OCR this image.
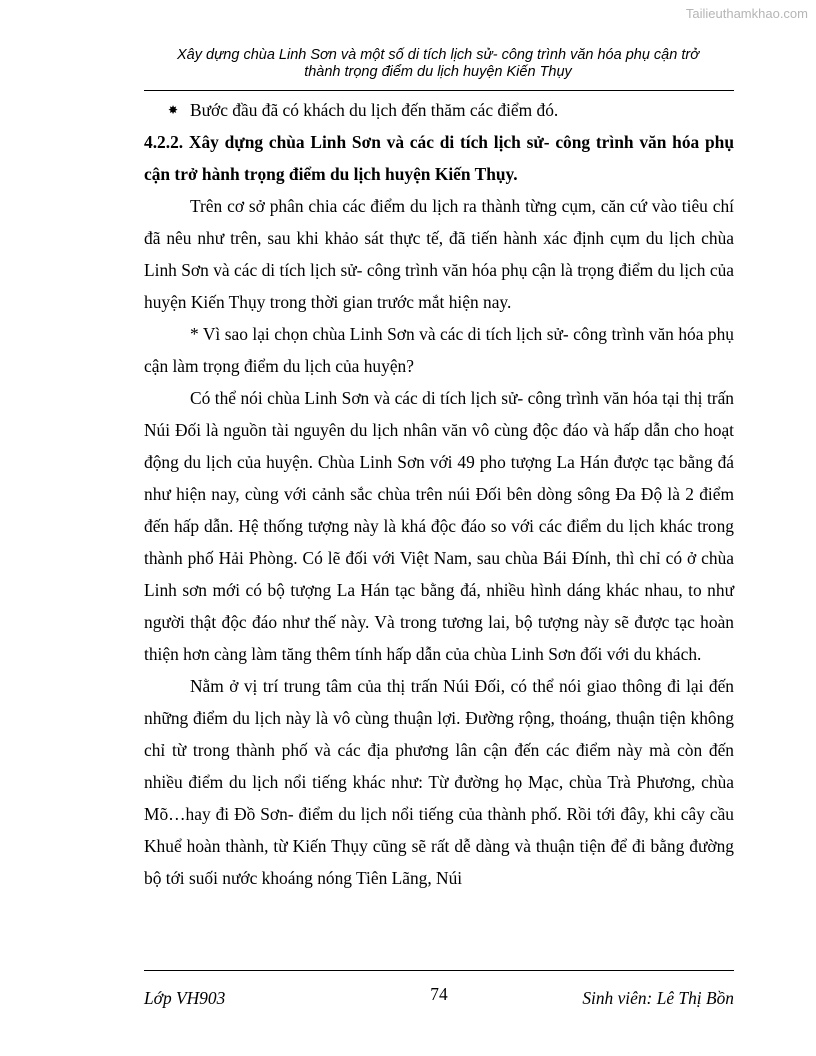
Tailieuthamkhao.com
Xây dựng chùa Linh Sơn và một số di tích lịch sử- công trình văn hóa phụ cận trở
thành trọng điểm du lịch huyện Kiến Thụy

✸ Bước đầu đã có khách du lịch đến thăm các điểm đó.

4.2.2. Xây dựng chùa Linh Sơn và các di tích lịch sử- công trình văn hóa phụ cận trở hành trọng điểm du lịch huyện Kiến Thụy.

Trên cơ sở phân chia các điểm du lịch ra thành từng cụm, căn cứ vào tiêu chí đã nêu như trên, sau khi khảo sát thực tế, đã tiến hành xác định cụm du lịch chùa Linh Sơn và các di tích lịch sử- công trình văn hóa phụ cận là trọng điểm du lịch của huyện Kiến Thụy trong thời gian trước mắt hiện nay.

* Vì sao lại chọn chùa Linh Sơn và các di tích lịch sử- công trình văn hóa phụ cận làm trọng điểm du lịch của huyện?

Có thể nói chùa Linh Sơn và các di tích lịch sử- công trình văn hóa tại thị trấn Núi Đối là nguồn tài nguyên du lịch nhân văn vô cùng độc đáo và hấp dẫn cho hoạt động du lịch của huyện. Chùa Linh Sơn với 49 pho tượng La Hán được tạc bằng đá như hiện nay, cùng với cảnh sắc chùa trên núi Đối bên dòng sông Đa Độ là 2 điểm đến hấp dẫn. Hệ thống tượng này là khá độc đáo so với các điểm du lịch khác trong thành phố Hải Phòng. Có lẽ đối với Việt Nam, sau chùa Bái Đính, thì chỉ có ở chùa Linh sơn mới có bộ tượng La Hán tạc bằng đá, nhiều hình dáng khác nhau, to như người thật độc đáo như thế này. Và trong tương lai, bộ tượng này sẽ được tạc hoàn thiện hơn càng làm tăng thêm tính hấp dẫn của chùa Linh Sơn đối với du khách.

Nằm ở vị trí trung tâm của thị trấn Núi Đối, có thể nói giao thông đi lại đến những điểm du lịch này là vô cùng thuận lợi. Đường rộng, thoáng, thuận tiện không chỉ từ trong thành phố và các địa phương lân cận đến các điểm này mà còn đến nhiều điểm du lịch nổi tiếng khác như: Từ đường họ Mạc, chùa Trà Phương, chùa Mõ…hay đi Đồ Sơn- điểm du lịch nổi tiếng của thành phố. Rồi tới đây, khi cây cầu Khuể hoàn thành, từ Kiến Thụy cũng sẽ rất dễ dàng và thuận tiện để đi bằng đường bộ tới suối nước khoáng nóng Tiên Lãng, Núi

Lớp VH903	74	Sinh viên: Lê Thị Bồn
